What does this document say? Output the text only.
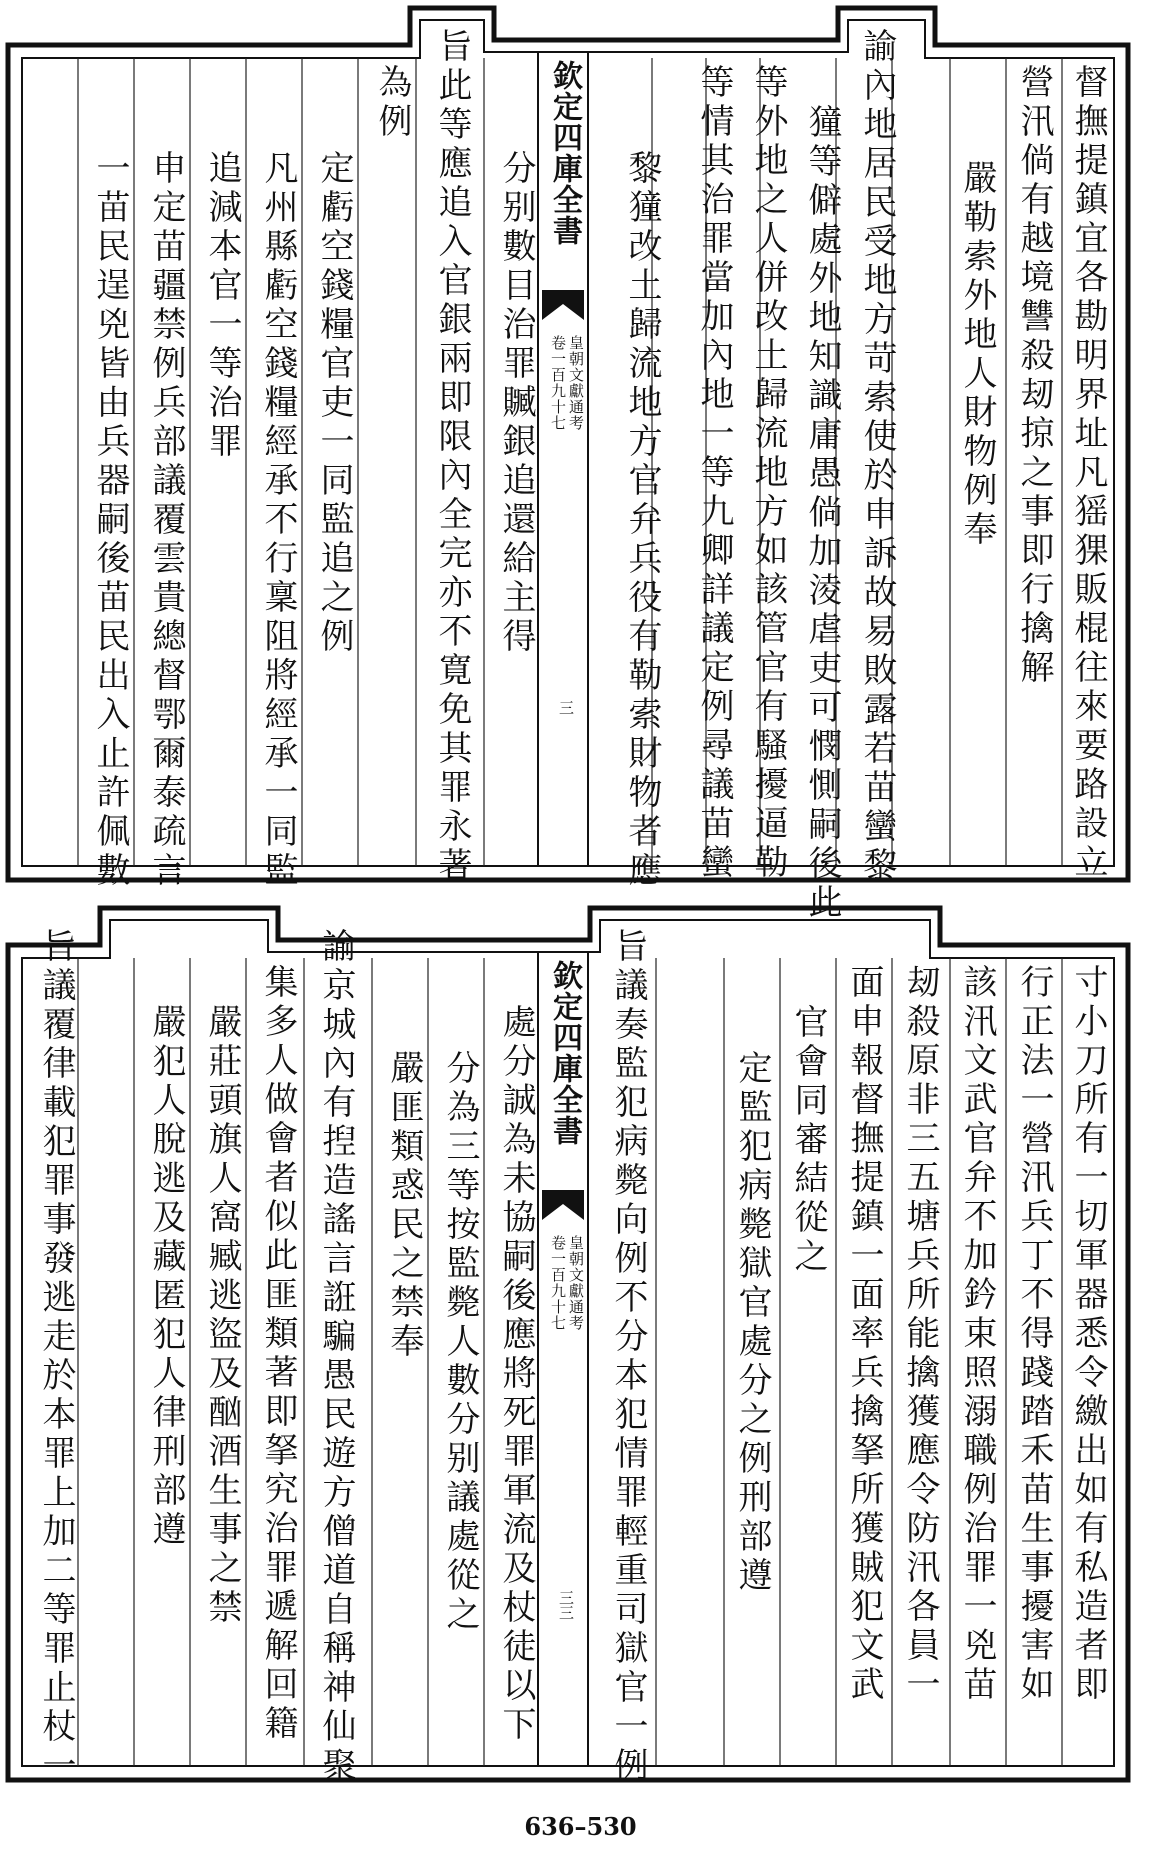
督撫提鎮宜各勘明界址凡猺猓販棍往來要路設立
營汛倘有越境讐殺刼掠之事即行擒解
嚴勒索外地人財物例奉
諭內地居民受地方苛索使於申訴故易敗露若苗蠻黎
獞等僻處外地知識庸愚倘加淩虐吏可憫惻嗣後此
等外地之人併改土歸流地方如該管官有騷擾逼勒
等情其治罪當加內地一等九卿詳議定例尋議苗蠻
黎獞改土歸流地方官弁兵役有勒索財物者應
欽定四庫全書
皇朝文獻通考
卷一百九十七
三
分别數目治罪贓銀追還給主得
旨此等應追入官銀兩即限內全完亦不寛免其罪永著
為例
定虧空錢糧官吏一同監追之例
凡州縣虧空錢糧經承不行稟阻將經承一同監
追減本官一等治罪
申定苗疆禁例兵部議覆雲貴總督鄂爾泰疏言
一苗民逞兇皆由兵器嗣後苗民出入止許佩數
寸小刀所有一切軍器悉令繳出如有私造者即
行正法一營汛兵丁不得踐踏禾苗生事擾害如
該汛文武官弁不加鈐束照溺職例治罪一兇苗
刼殺原非三五塘兵所能擒獲應令防汛各員一
面申報督撫提鎮一面率兵擒拏所獲賊犯文武
官會同審結從之
定監犯病斃獄官處分之例刑部遵
旨議奏監犯病斃向例不分本犯情罪輕重司獄官一例
欽定四庫全書
皇朝文獻通考
卷一百九十七
三三
處分誠為未協嗣後應將死罪軍流及杖徒以下
分為三等按監斃人數分别議處從之
嚴匪類惑民之禁奉
諭京城內有揑造謠言誑騙愚民遊方僧道自稱神仙聚
集多人做會者似此匪類著即拏究治罪遞解回籍
嚴莊頭旗人窩臧逃盜及酗酒生事之禁
嚴犯人脫逃及藏匿犯人律刑部遵
旨議覆律載犯罪事發逃走於本罪上加二等罪止杖一
636–530
